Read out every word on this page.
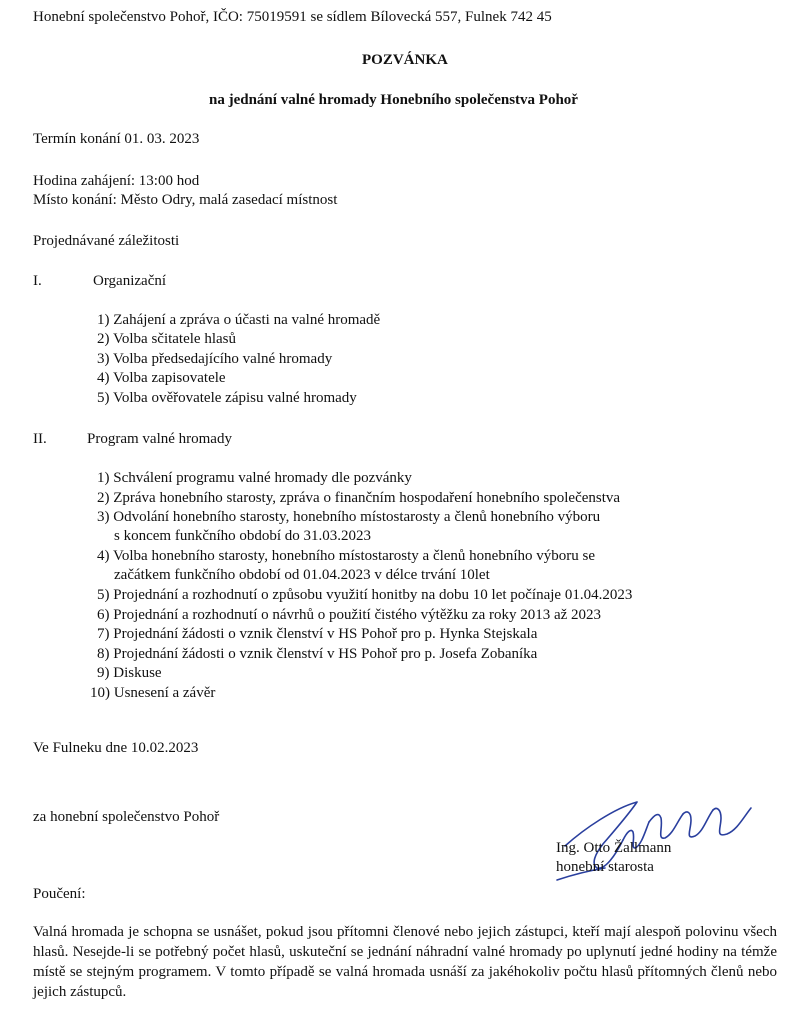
Honební společenstvo Pohoř, IČO: 75019591 se sídlem Bílovecká 557, Fulnek 742 45
POZVÁNKA
na jednání valné hromady Honebního společenstva Pohoř
Termín konání 01. 03. 2023
Hodina zahájení: 13:00 hod
Místo konání: Město Odry, malá zasedací místnost
Projednávané záležitosti
I.	Organizační
1) Zahájení a zpráva o účasti na valné hromadě
2) Volba sčitatele hlasů
3) Volba předsedajícího valné hromady
4) Volba zapisovatele
5) Volba ověřovatele zápisu valné hromady
II.	Program valné hromady
1) Schválení programu valné hromady dle pozvánky
2) Zpráva honebního starosty, zpráva o finančním hospodaření honebního společenstva
3) Odvolání honebního starosty, honebního místostarosty a členů honebního výboru
s koncem funkčního období do 31.03.2023
4) Volba honebního starosty, honebního místostarosty a členů honebního výboru se
začátkem funkčního období od 01.04.2023 v délce trvání 10let
5) Projednání a rozhodnutí o způsobu využití honitby na dobu 10 let počínaje 01.04.2023
6) Projednání a rozhodnutí o návrhů o použití čistého výtěžku za roky 2013 až 2023
7) Projednání žádosti o vznik členství v HS Pohoř pro p. Hynka Stejskala
8) Projednání žádosti o vznik členství v HS Pohoř pro p. Josefa Zobaníka
9) Diskuse
10) Usnesení a závěr
Ve Fulneku dne 10.02.2023
za honební společenstvo Pohoř
Ing. Otto Žallmann
honební starosta
Poučení:
Valná hromada je schopna se usnášet, pokud jsou přítomni členové nebo jejich zástupci, kteří mají alespoň polovinu všech hlasů. Nesejde-li se potřebný počet hlasů, uskuteční se jednání náhradní valné hromady po uplynutí jedné hodiny na témže místě se stejným programem. V tomto případě se valná hromada usnáší za jakéhokoliv počtu hlasů přítomných členů nebo jejich zástupců.
